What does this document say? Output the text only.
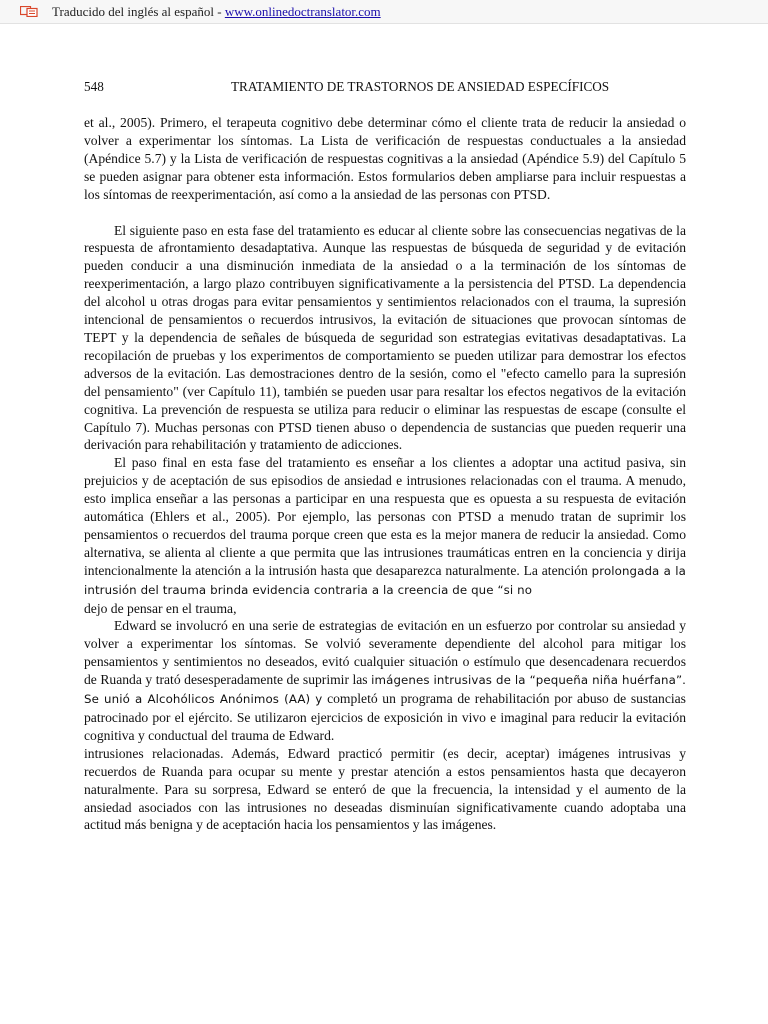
Traducido del inglés al español - www.onlinedoctranslator.com
548	TRATAMIENTO DE TRASTORNOS DE ANSIEDAD ESPECÍFICOS

et al., 2005). Primero, el terapeuta cognitivo debe determinar cómo el cliente trata de reducir la ansiedad o volver a experimentar los síntomas. La Lista de verificación de respuestas conductuales a la ansiedad (Apéndice 5.7) y la Lista de verificación de respuestas cognitivas a la ansiedad (Apéndice 5.9) del Capítulo 5 se pueden asignar para obtener esta información. Estos formularios deben ampliarse para incluir respuestas a los síntomas de reexperimentación, así como a la ansiedad de las personas con PTSD.

El siguiente paso en esta fase del tratamiento es educar al cliente sobre las consecuencias negativas de la respuesta de afrontamiento desadaptativa. Aunque las respuestas de búsqueda de seguridad y de evitación pueden conducir a una disminución inmediata de la ansiedad o a la terminación de los síntomas de reexperimentación, a largo plazo contribuyen significativamente a la persistencia del PTSD. La dependencia del alcohol u otras drogas para evitar pensamientos y sentimientos relacionados con el trauma, la supresión intencional de pensamientos o recuerdos intrusivos, la evitación de situaciones que provocan síntomas de TEPT y la dependencia de señales de búsqueda de seguridad son estrategias evitativas desadaptativas. La recopilación de pruebas y los experimentos de comportamiento se pueden utilizar para demostrar los efectos adversos de la evitación. Las demostraciones dentro de la sesión, como el "efecto camello para la supresión del pensamiento" (ver Capítulo 11), también se pueden usar para resaltar los efectos negativos de la evitación cognitiva. La prevención de respuesta se utiliza para reducir o eliminar las respuestas de escape (consulte el Capítulo 7). Muchas personas con PTSD tienen abuso o dependencia de sustancias que pueden requerir una derivación para rehabilitación y tratamiento de adicciones.

El paso final en esta fase del tratamiento es enseñar a los clientes a adoptar una actitud pasiva, sin prejuicios y de aceptación de sus episodios de ansiedad e intrusiones relacionadas con el trauma. A menudo, esto implica enseñar a las personas a participar en una respuesta que es opuesta a su respuesta de evitación automática (Ehlers et al., 2005). Por ejemplo, las personas con PTSD a menudo tratan de suprimir los pensamientos o recuerdos del trauma porque creen que esta es la mejor manera de reducir la ansiedad. Como alternativa, se alienta al cliente a que permita que las intrusiones traumáticas entren en la conciencia y dirija intencionalmente la atención a la intrusión hasta que desaparezca naturalmente. La atención prolongada a la intrusión del trauma brinda evidencia contraria a la creencia de que “si no
dejo de pensar en el trauma,

Edward se involucró en una serie de estrategias de evitación en un esfuerzo por controlar su ansiedad y volver a experimentar los síntomas. Se volvió severamente dependiente del alcohol para mitigar los pensamientos y sentimientos no deseados, evitó cualquier situación o estímulo que desencadenara recuerdos de Ruanda y trató desesperadamente de suprimir las imágenes intrusivas de la “pequeña niña huérfana”. Se unió a Alcohólicos Anónimos (AA) y completó un programa de rehabilitación por abuso de sustancias patrocinado por el ejército. Se utilizaron ejercicios de exposición in vivo e imaginal para reducir la evitación cognitiva y conductual del trauma de Edward.

intrusiones relacionadas. Además, Edward practicó permitir (es decir, aceptar) imágenes intrusivas y recuerdos de Ruanda para ocupar su mente y prestar atención a estos pensamientos hasta que decayeron naturalmente. Para su sorpresa, Edward se enteró de que la frecuencia, la intensidad y el aumento de la ansiedad asociados con las intrusiones no deseadas disminuían significativamente cuando adoptaba una actitud más benigna y de aceptación hacia los pensamientos y las imágenes.
